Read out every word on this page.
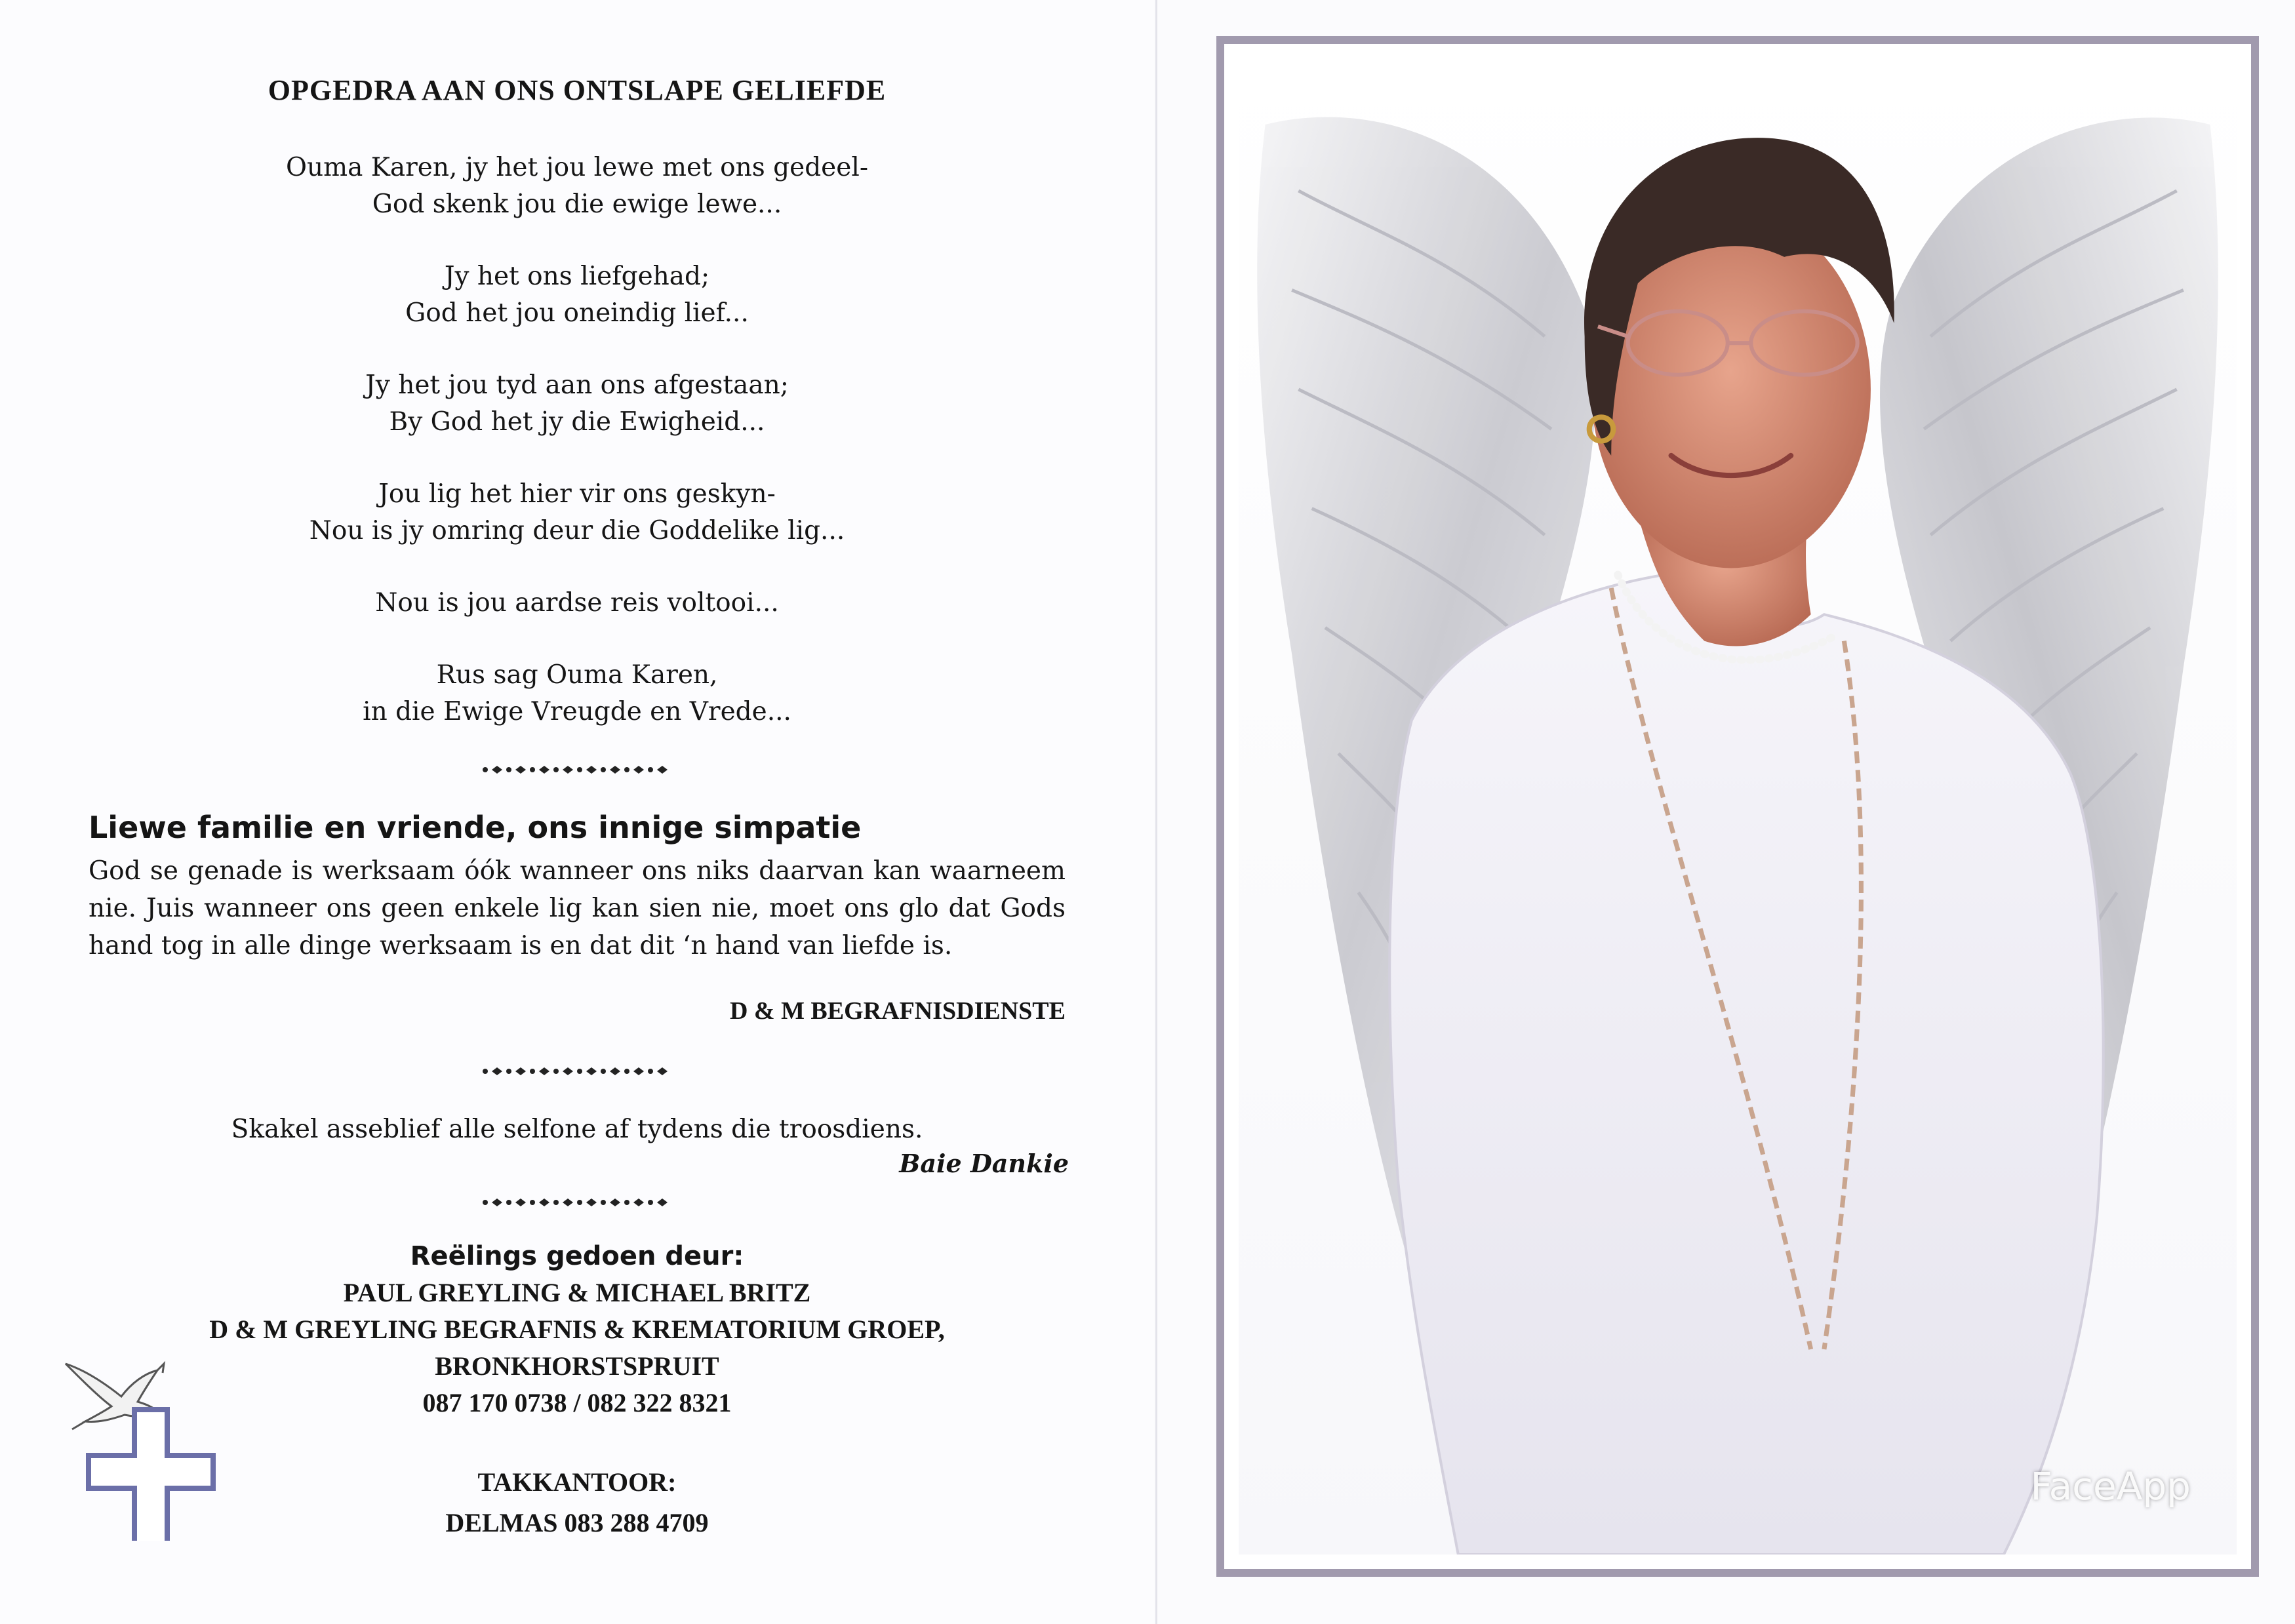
OPGEDRA AAN ONS ONTSLAPE GELIEFDE
Ouma Karen, jy het jou lewe met ons gedeel-
God skenk jou die ewige lewe...
Jy het ons liefgehad;
God het jou oneindig lief...
Jy het jou tyd aan ons afgestaan;
By God het jy die Ewigheid...
Jou lig het hier vir ons geskyn-
Nou is jy omring deur die Goddelike lig...
Nou is jou aardse reis voltooi...
Rus sag Ouma Karen,
in die Ewige Vreugde en Vrede...
Liewe familie en vriende, ons innige simpatie
God se genade is werksaam óók wanneer ons niks daarvan kan waarneem nie. Juis wanneer ons geen enkele lig kan sien nie, moet ons glo dat Gods hand tog in alle dinge werksaam is en dat dit ‘n hand van liefde is.
D & M BEGRAFNISDIENSTE
Skakel asseblief alle selfone af tydens die troosdiens.
Baie Dankie
Reëlings gedoen deur:
PAUL GREYLING & MICHAEL BRITZ
D & M GREYLING BEGRAFNIS & KREMATORIUM GROEP,
BRONKHORSTSPRUIT
087 170 0738 / 082 322 8321
TAKKANTOOR:
DELMAS 083 288 4709
FaceApp
